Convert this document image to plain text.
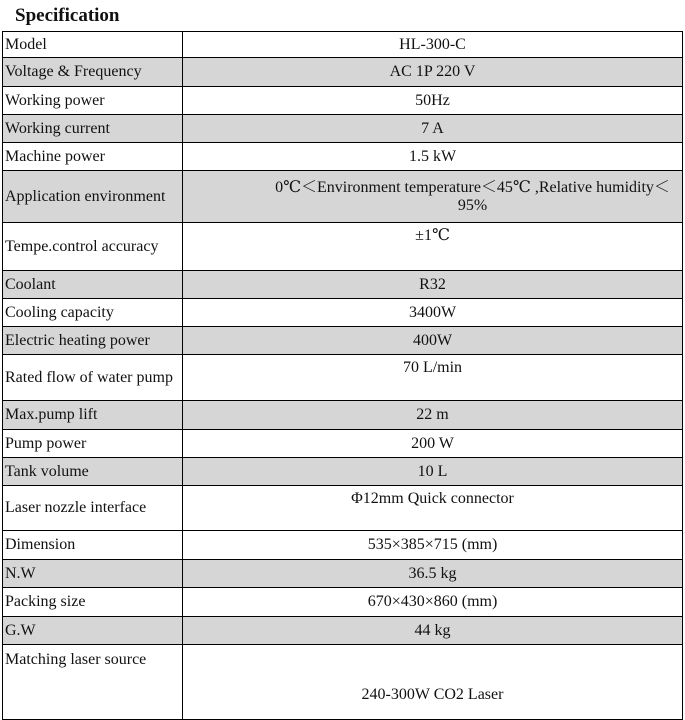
Specification
Model	HL-300-C
Voltage & Frequency	AC 1P 220 V
Working power	50Hz
Working current	7 A
Machine power	1.5 kW
Application environment	0℃＜Environment temperature＜45℃ ,Relative humidity＜95%
Tempe.control accuracy	±1℃
Coolant	R32
Cooling capacity	3400W
Electric heating power	400W
Rated flow of water pump	70 L/min
Max.pump lift	22 m
Pump power	200 W
Tank volume	10 L
Laser nozzle interface	Φ12mm Quick connector
Dimension	535×385×715 (mm)
N.W	36.5 kg
Packing size	670×430×860 (mm)
G.W	44 kg
Matching laser source	240-300W CO2 Laser
